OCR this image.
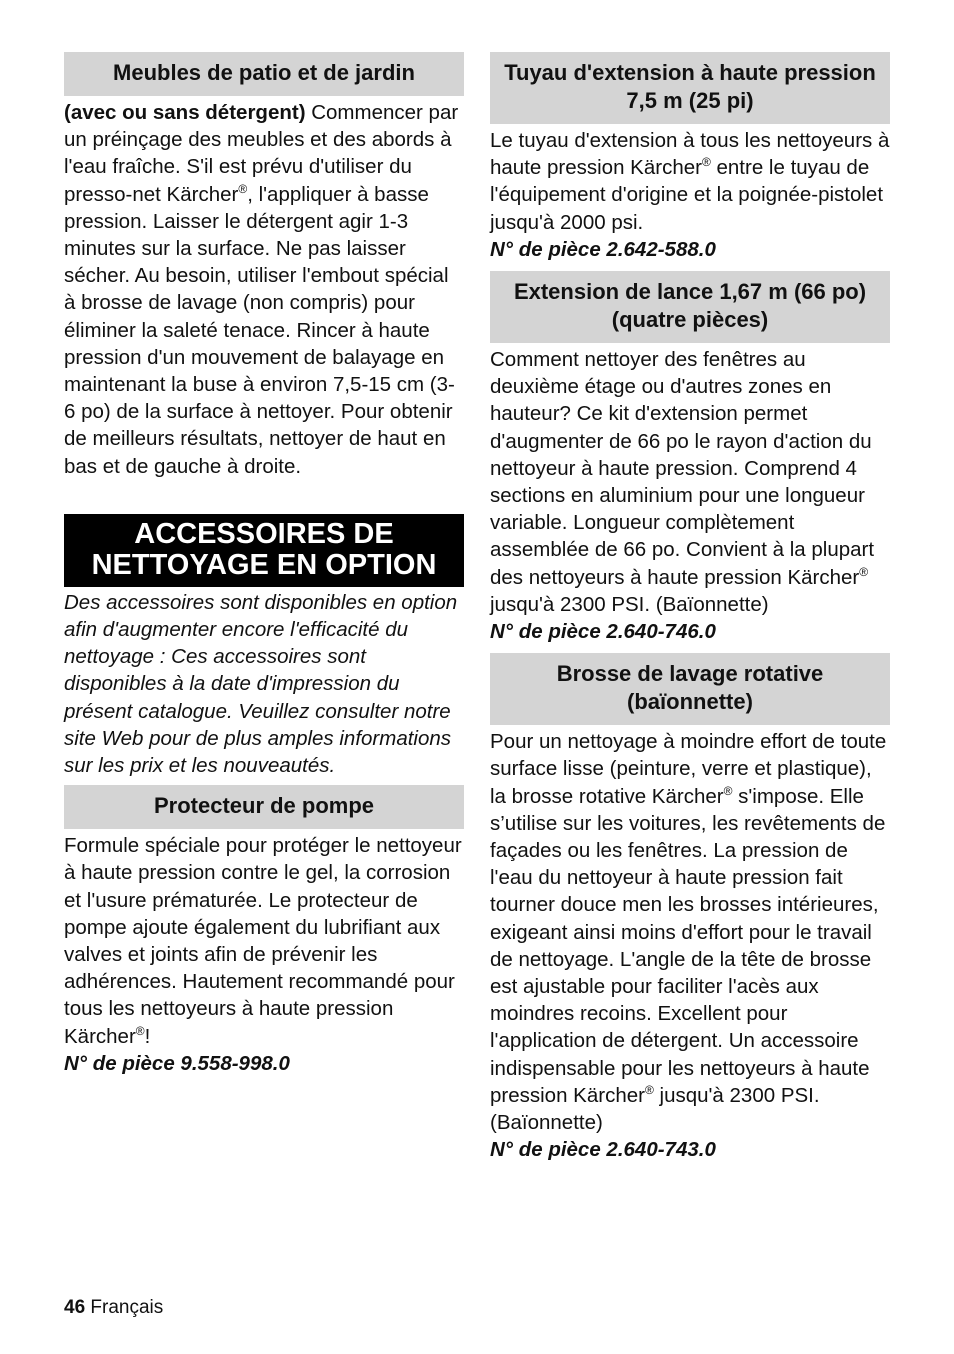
Meubles de patio et de jardin

(avec ou sans détergent) Commencer par un préinçage des meubles et des abords à l'eau fraîche. S'il est prévu d'utiliser du presso-net Kärcher®, l'appliquer à basse pression. Laisser le détergent agir 1-3 minutes sur la surface. Ne pas laisser sécher. Au besoin, utiliser l'embout spécial à brosse de lavage (non compris) pour éliminer la saleté tenace. Rincer à haute pression d'un mouvement de balayage en maintenant la buse à environ 7,5-15 cm (3-6 po) de la surface à nettoyer. Pour obtenir de meilleurs résultats, nettoyer de haut en bas et de gauche à droite.

ACCESSOIRES DE
NETTOYAGE EN OPTION

Des accessoires sont disponibles en option afin d'augmenter encore l'efficacité du nettoyage : Ces accessoires sont disponibles à la date d'impression du présent catalogue. Veuillez consulter notre site Web pour de plus amples informations sur les prix et les nouveautés.

Protecteur de pompe

Formule spéciale pour protéger le nettoyeur à haute pression contre le gel, la corrosion et l'usure prématurée. Le protecteur de pompe ajoute également du lubrifiant aux valves et joints afin de prévenir les adhérences. Hautement recommandé pour tous les nettoyeurs à haute pression Kärcher®!

N° de pièce 9.558-998.0

Tuyau d'extension à haute pression 7,5 m (25 pi)

Le tuyau d'extension à tous les nettoyeurs à haute pression Kärcher® entre le tuyau de l'équipement d'origine et la poignée-pistolet jusqu'à 2000 psi.

N° de pièce 2.642-588.0

Extension de lance 1,67 m (66 po) (quatre pièces)

Comment nettoyer des fenêtres au deuxième étage ou d'autres zones en hauteur? Ce kit d'extension permet d'augmenter de 66 po le rayon d'action du nettoyeur à haute pression. Comprend 4 sections en aluminium pour une longueur variable. Longueur complètement assemblée de 66 po. Convient à la plupart des nettoyeurs à haute pression Kärcher® jusqu'à 2300 PSI. (Baïonnette)

N° de pièce 2.640-746.0

Brosse de lavage rotative (baïonnette)

Pour un nettoyage à moindre effort de toute surface lisse (peinture, verre et plastique), la brosse rotative Kärcher® s'impose. Elle s’utilise sur les voitures, les revêtements de façades ou les fenêtres. La pression de l'eau du nettoyeur à haute pression fait tourner douce men les brosses intérieures, exigeant ainsi moins d'effort pour le travail de nettoyage. L'angle de la tête de brosse est ajustable pour faciliter l'acès aux moindres recoins. Excellent pour l'application de détergent. Un accessoire indispensable pour les nettoyeurs à haute pression Kärcher® jusqu'à 2300 PSI. (Baïonnette)

N° de pièce 2.640-743.0

46 Français
